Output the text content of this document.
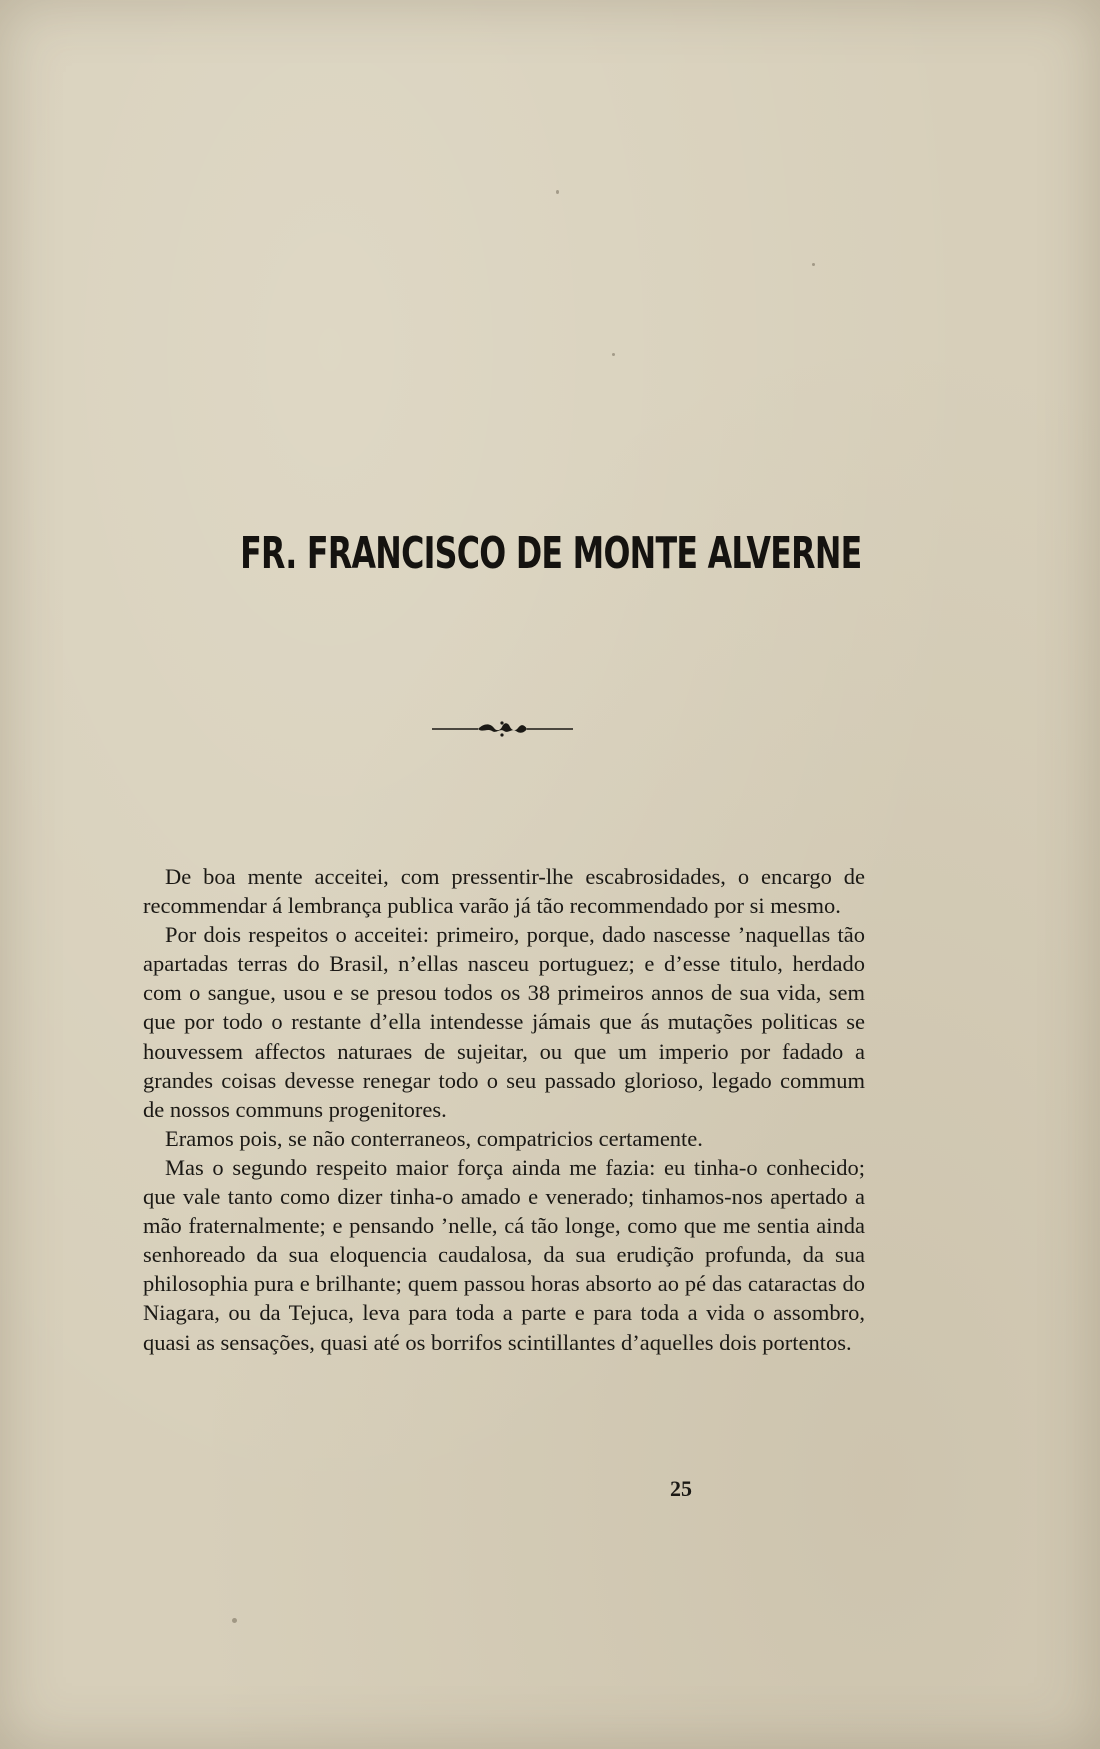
FR. FRANCISCO DE MONTE ALVERNE

De boa mente acceitei, com pressentir-lhe escabrosidades, o encargo de recommendar á lembrança publica varão já tão recommendado por si mesmo.

Por dois respeitos o acceitei: primeiro, porque, dado nascesse ’naquellas tão apartadas terras do Brasil, n’ellas nasceu portuguez; e d’esse titulo, herdado com o sangue, usou e se presou todos os 38 primeiros annos de sua vida, sem que por todo o restante d’ella intendesse jámais que ás mutações politicas se houvessem affectos naturaes de sujeitar, ou que um imperio por fadado a grandes coisas devesse renegar todo o seu passado glorioso, legado commum de nossos communs progenitores.

Eramos pois, se não conterraneos, compatricios certamente.

Mas o segundo respeito maior força ainda me fazia: eu tinha-o conhecido; que vale tanto como dizer tinha-o amado e venerado; tinhamos-nos apertado a mão fraternalmente; e pensando ’nelle, cá tão longe, como que me sentia ainda senhoreado da sua eloquencia caudalosa, da sua erudição profunda, da sua philosophia pura e brilhante; quem passou horas absorto ao pé das cataractas do Niagara, ou da Tejuca, leva para toda a parte e para toda a vida o assombro, quasi as sensações, quasi até os borrifos scintillantes d’aquelles dois portentos.

25
